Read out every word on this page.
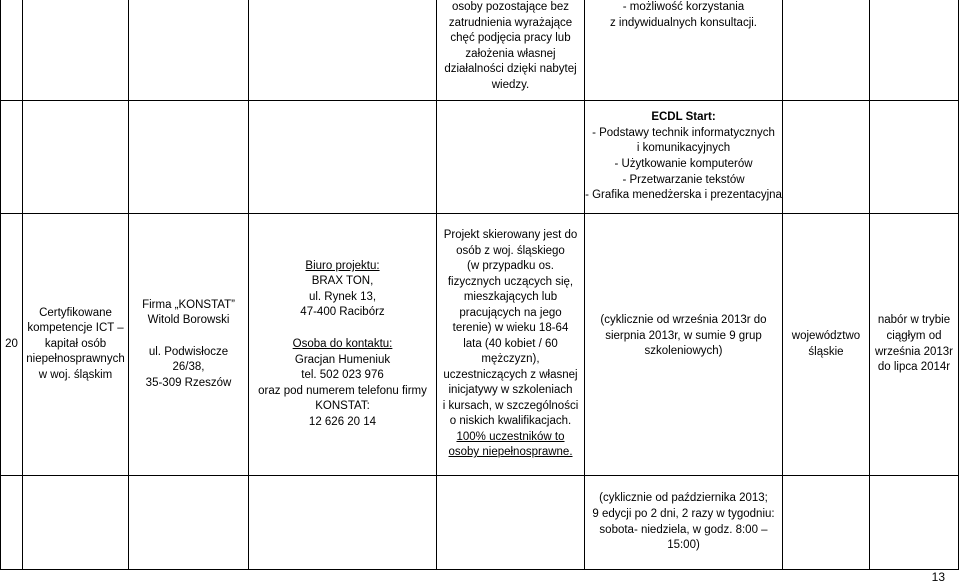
osoby pozostające bez
zatrudnienia wyrażające
chęć podjęcia pracy lub
założenia własnej
działalności dzięki nabytej
wiedzy.
- możliwość korzystania
z indywidualnych konsultacji.
ECDL Start:
- Podstawy technik informatycznych
i komunikacyjnych
- Użytkowanie komputerów
- Przetwarzanie tekstów
- Grafika menedżerska i prezentacyjna
20
Certyfikowane
kompetencje ICT –
kapitał osób
niepełnosprawnych
w woj. śląskim
Firma „KONSTAT”
Witold Borowski
ul. Podwisłocze
26/38,
35-309 Rzeszów
Biuro projektu:
BRAX TON,
ul. Rynek 13,
47-400 Racibórz
Osoba do kontaktu:
Gracjan Humeniuk
tel. 502 023 976
oraz pod numerem telefonu firmy
KONSTAT:
12 626 20 14
Projekt skierowany jest do
osób z woj. śląskiego
(w przypadku os.
fizycznych uczących się,
mieszkających lub
pracujących na jego
terenie) w wieku 18-64
lata (40 kobiet / 60
mężczyzn),
uczestniczących z własnej
inicjatywy w szkoleniach
i kursach, w szczególności
o niskich kwalifikacjach.
100% uczestników to
osoby niepełnosprawne.
(cyklicznie od września 2013r do
sierpnia 2013r, w sumie 9 grup
szkoleniowych)
województwo
śląskie
nabór w trybie
ciągłym od
września 2013r
do lipca 2014r
(cyklicznie od października 2013;
9 edycji po 2 dni, 2 razy w tygodniu:
sobota- niedziela, w godz. 8:00 –
15:00)
13
